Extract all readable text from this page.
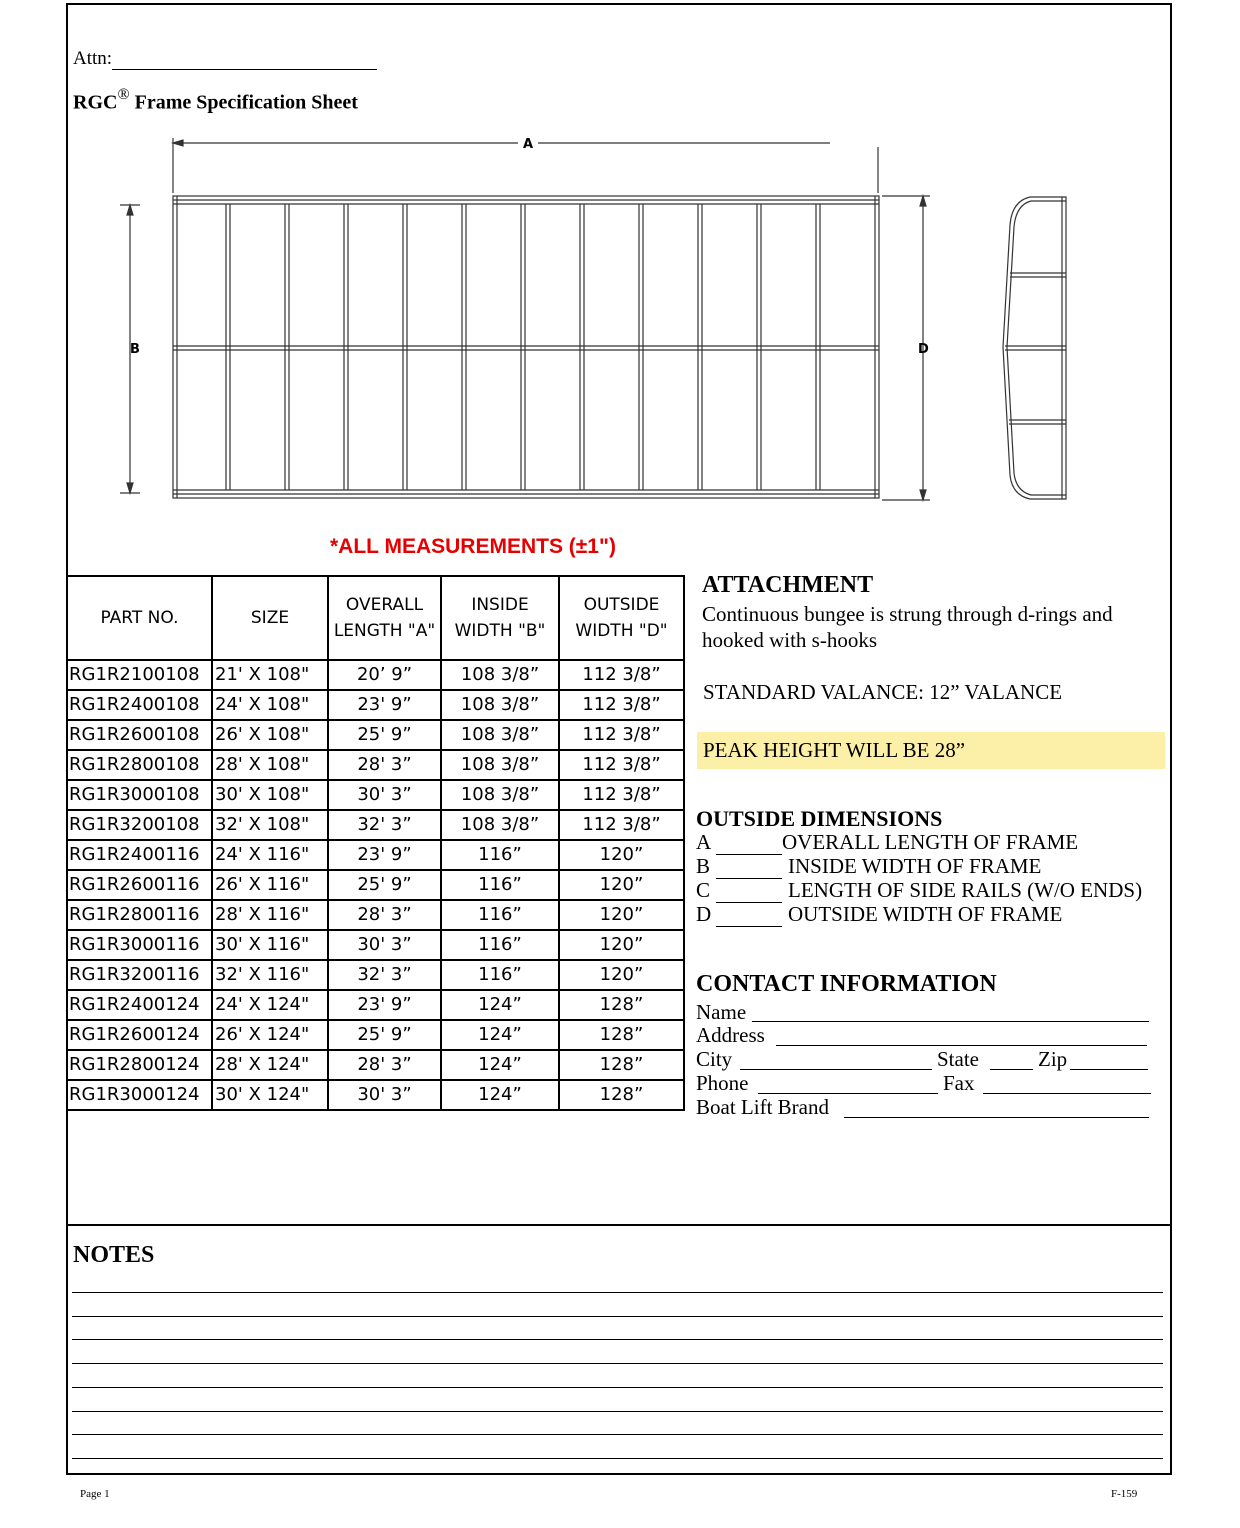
Attn:
RGC® Frame Specification Sheet
A
B	D
*ALL MEASUREMENTS (±1")
PART NO.	SIZE	OVERALL LENGTH "A"	INSIDE WIDTH "B"	OUTSIDE WIDTH "D"
RG1R2100108	21' X 108"	20’ 9”	108 3/8”	112 3/8”
RG1R2400108	24' X 108"	23' 9”	108 3/8”	112 3/8”
RG1R2600108	26' X 108"	25' 9”	108 3/8”	112 3/8”
RG1R2800108	28' X 108"	28' 3”	108 3/8”	112 3/8”
RG1R3000108	30' X 108"	30' 3”	108 3/8”	112 3/8”
RG1R3200108	32' X 108"	32' 3”	108 3/8”	112 3/8”
RG1R2400116	24' X 116"	23' 9”	116”	120”
RG1R2600116	26' X 116"	25' 9”	116”	120”
RG1R2800116	28' X 116"	28' 3”	116”	120”
RG1R3000116	30' X 116"	30' 3”	116”	120”
RG1R3200116	32' X 116"	32' 3”	116”	120”
RG1R2400124	24' X 124"	23' 9”	124”	128”
RG1R2600124	26' X 124"	25' 9”	124”	128”
RG1R2800124	28' X 124"	28' 3”	124”	128”
RG1R3000124	30' X 124"	30' 3”	124”	128”
ATTACHMENT
Continuous bungee is strung through d-rings and hooked with s-hooks
STANDARD VALANCE: 12” VALANCE
PEAK HEIGHT WILL BE 28”
OUTSIDE DIMENSIONS
A	OVERALL LENGTH OF FRAME
B	INSIDE WIDTH OF FRAME
C	LENGTH OF SIDE RAILS (W/O ENDS)
D	OUTSIDE WIDTH OF FRAME
CONTACT INFORMATION
Name
Address
City	State	Zip
Phone	Fax
Boat Lift Brand
NOTES
Page 1	F-159
